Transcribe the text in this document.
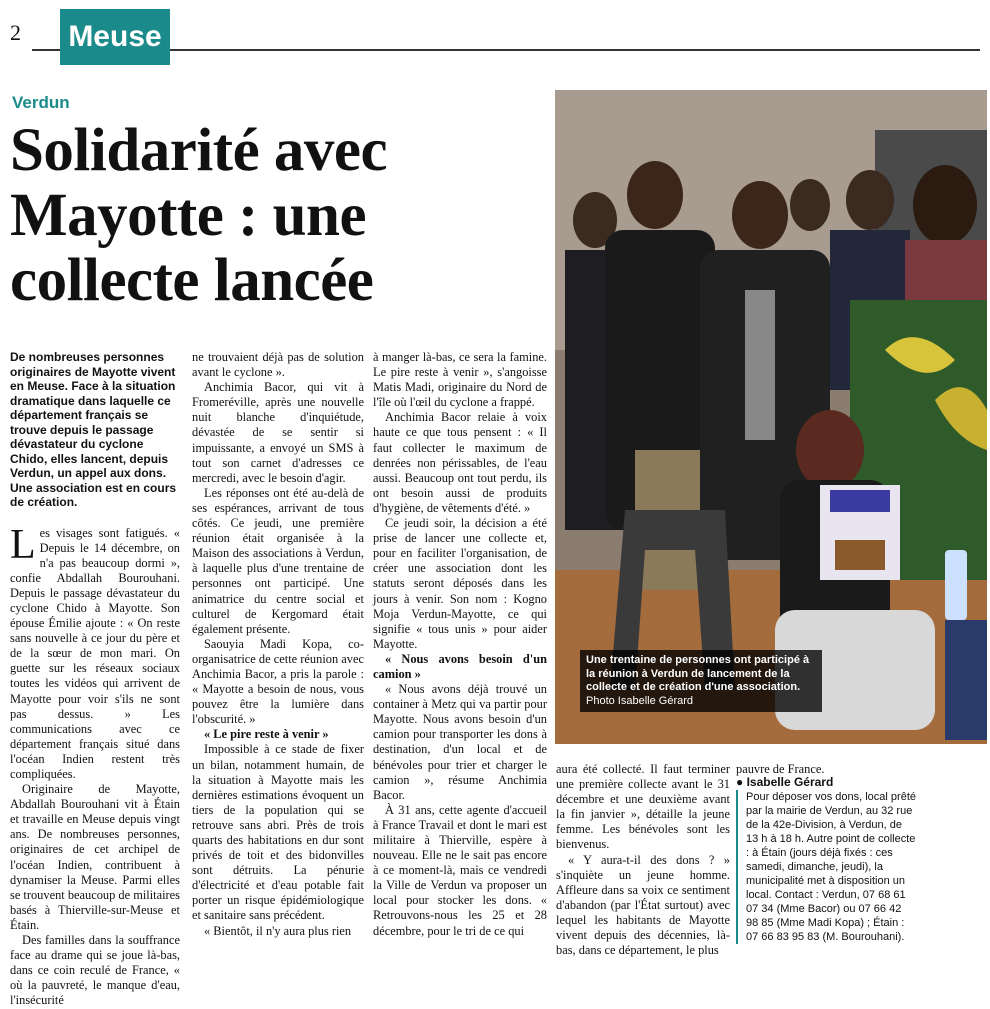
2 Meuse
Verdun
Solidarité avec Mayotte : une collecte lancée
De nombreuses personnes originaires de Mayotte vivent en Meuse. Face à la situation dramatique dans laquelle ce département français se trouve depuis le passage dévastateur du cyclone Chido, elles lancent, depuis Verdun, un appel aux dons. Une association est en cours de création.

Les visages sont fatigués. « Depuis le 14 décembre, on n'a pas beaucoup dormi », confie Abdallah Bourouhani. Depuis le passage dévastateur du cyclone Chido à Mayotte. Son épouse Émilie ajoute : « On reste sans nouvelle à ce jour du père et de la sœur de mon mari. On guette sur les réseaux sociaux toutes les vidéos qui arrivent de Mayotte pour voir s'ils ne sont pas dessus. » Les communications avec ce département français situé dans l'océan Indien restent très compliquées.

Originaire de Mayotte, Abdallah Bourouhani vit à Étain et travaille en Meuse depuis vingt ans. De nombreuses personnes, originaires de cet archipel de l'océan Indien, contribuent à dynamiser la Meuse. Parmi elles se trouvent beaucoup de militaires basés à Thierville-sur-Meuse et Étain.

Des familles dans la souffrance face au drame qui se joue là-bas, dans ce coin reculé de France, « où la pauvreté, le manque d'eau, l'insécurité

ne trouvaient déjà pas de solution avant le cyclone ».

Anchimia Bacor, qui vit à Fromeréville, après une nouvelle nuit blanche d'inquiétude, dévastée de se sentir si impuissante, a envoyé un SMS à tout son carnet d'adresses ce mercredi, avec le besoin d'agir.

Les réponses ont été au-delà de ses espérances, arrivant de tous côtés. Ce jeudi, une première réunion était organisée à la Maison des associations à Verdun, à laquelle plus d'une trentaine de personnes ont participé. Une animatrice du centre social et culturel de Kergomard était également présente.

Saouyia Madi Kopa, co-organisatrice de cette réunion avec Anchimia Bacor, a pris la parole : « Mayotte a besoin de nous, vous pouvez être la lumière dans l'obscurité. »

« Le pire reste à venir »

Impossible à ce stade de fixer un bilan, notamment humain, de la situation à Mayotte mais les dernières estimations évoquent un tiers de la population qui se retrouve sans abri. Près de trois quarts des habitations en dur sont privés de toit et des bidonvilles sont détruits. La pénurie d'électricité et d'eau potable fait porter un risque épidémiologique et sanitaire sans précédent.

« Bientôt, il n'y aura plus rien

à manger là-bas, ce sera la famine. Le pire reste à venir », s'angoisse Matis Madi, originaire du Nord de l'île où l'œil du cyclone a frappé.

Anchimia Bacor relaie à voix haute ce que tous pensent : « Il faut collecter le maximum de denrées non périssables, de l'eau aussi. Beaucoup ont tout perdu, ils ont besoin aussi de produits d'hygiène, de vêtements d'été. »

Ce jeudi soir, la décision a été prise de lancer une collecte et, pour en faciliter l'organisation, de créer une association dont les statuts seront déposés dans les jours à venir. Son nom : Kogno Moja Verdun-Mayotte, ce qui signifie « tous unis » pour aider Mayotte.

« Nous avons besoin d'un camion »

« Nous avons déjà trouvé un container à Metz qui va partir pour Mayotte. Nous avons besoin d'un camion pour transporter les dons à destination, d'un local et de bénévoles pour trier et charger le camion », résume Anchimia Bacor.

À 31 ans, cette agente d'accueil à France Travail et dont le mari est militaire à Thierville, espère à nouveau. Elle ne le sait pas encore à ce moment-là, mais ce vendredi la Ville de Verdun va proposer un local pour stocker les dons. « Retrouvons-nous les 25 et 28 décembre, pour le tri de ce qui

Une trentaine de personnes ont participé à la réunion à Verdun de lancement de la collecte et de création d'une association. Photo Isabelle Gérard

aura été collecté. Il faut terminer une première collecte avant le 31 décembre et une deuxième avant la fin janvier », détaille la jeune femme. Les bénévoles sont les bienvenus.

« Y aura-t-il des dons ? » s'inquiète un jeune homme. Affleure dans sa voix ce sentiment d'abandon (par l'État surtout) avec lequel les habitants de Mayotte vivent depuis des décennies, là-bas, dans ce département, le plus

pauvre de France.
● Isabelle Gérard
Pour déposer vos dons, local prêté par la mairie de Verdun, au 32 rue de la 42e-Division, à Verdun, de 13 h à 18 h. Autre point de collecte : à Étain (jours déjà fixés : ces samedi, dimanche, jeudi), la municipalité met à disposition un local. Contact : Verdun, 07 68 61 07 34 (Mme Bacor) ou 07 66 42 98 85 (Mme Madi Kopa) ; Étain : 07 66 83 95 83 (M. Bourouhani).
